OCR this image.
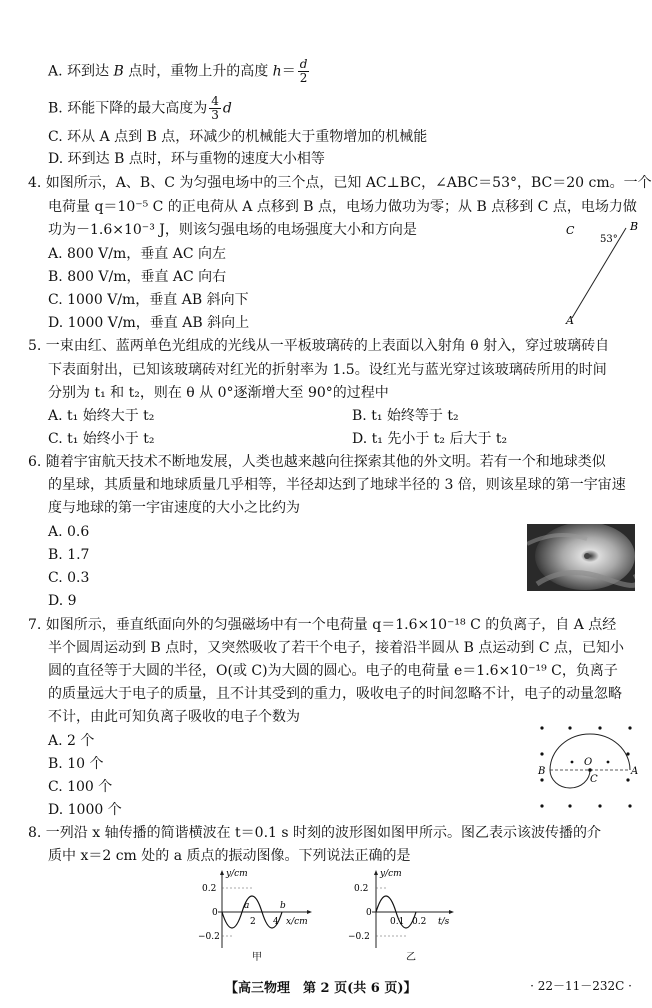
A. 环到达 B 点时，重物上升的高度 $h= \frac{d}{2}$
B. 环能下降的最大高度为 $\frac{4}{3}$ d
C. 环从 A 点到 B 点，环减少的机械能大于重物增加的机械能
D. 环到达 B 点时，环与重物的速度大小相等
4. 如图所示，A、B、C 为匀强电场中的三个点，已知 AC⊥BC，∠ABC＝53°，BC＝20 cm。一个
电荷量 q＝10⁻⁵ C 的正电荷从 A 点移到 B 点，电场力做功为零；从 B 点移到 C 点，电场力做
功为－1.6×10⁻³ J，则该匀强电场的电场强度大小和方向是
A. 800 V/m，垂直 AC 向左
B. 800 V/m，垂直 AC 向右
C. 1000 V/m，垂直 AB 斜向下
D. 1000 V/m，垂直 AB 斜向上
C	B
A
53°
5. 一束由红、蓝两单色光组成的光线从一平板玻璃砖的上表面以入射角 θ 射入，穿过玻璃砖自
下表面射出，已知该玻璃砖对红光的折射率为 1.5。设红光与蓝光穿过该玻璃砖所用的时间
分别为 t₁ 和 t₂，则在 θ 从 0°逐渐增大至 90°的过程中
A. t₁ 始终大于 t₂	B. t₁ 始终等于 t₂
C. t₁ 始终小于 t₂	D. t₁ 先小于 t₂ 后大于 t₂
6. 随着宇宙航天技术不断地发展，人类也越来越向往探索其他的外文明。若有一个和地球类似
的星球，其质量和地球质量几乎相等，半径却达到了地球半径的 3 倍，则该星球的第一宇宙速
度与地球的第一宇宙速度的大小之比约为
A. 0.6
B. 1.7
C. 0.3
D. 9
7. 如图所示，垂直纸面向外的匀强磁场中有一个电荷量 q＝1.6×10⁻¹⁸ C 的负离子，自 A 点经
半个圆周运动到 B 点时，又突然吸收了若干个电子，接着沿半圆从 B 点运动到 C 点，已知小
圆的直径等于大圆的半径，O(或 C)为大圆的圆心。电子的电荷量 e＝1.6×10⁻¹⁹ C，负离子
的质量远大于电子的质量，且不计其受到的重力，吸收电子的时间忽略不计，电子的动量忽略
不计，由此可知负离子吸收的电子个数为
A. 2 个
B. 10 个
C. 100 个
D. 1000 个
B
O
C
A
8. 一列沿 x 轴传播的简谐横波在 t＝0.1 s 时刻的波形图如图甲所示。图乙表示该波传播的介
质中 x＝2 cm 处的 a 质点的振动图像。下列说法正确的是
y/cm
0.2
0
−0.2
a	b
2 4 x/cm
甲
y/cm
0.2
0
−0.2
0.1 0.2 t/s
乙
【高三物理　第 2 页(共 6 页)】	· 22－11－232C ·
